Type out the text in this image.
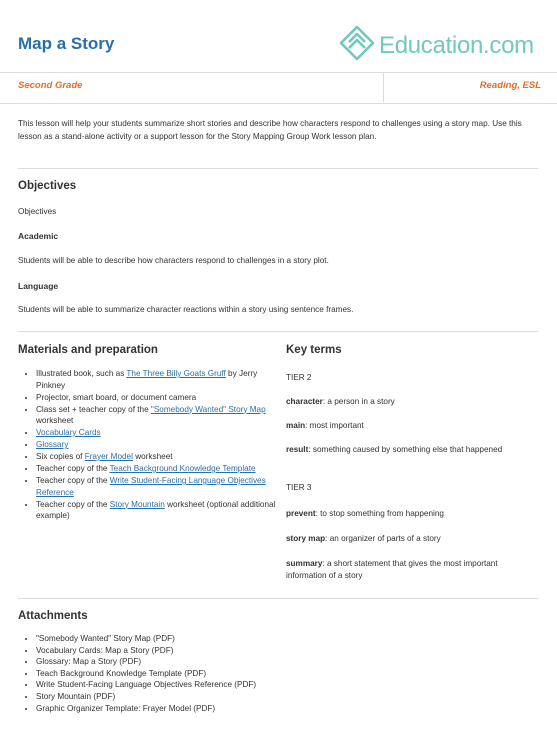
Map a Story	Education.com
Second Grade	Reading, ESL
This lesson will help your students summarize short stories and describe how characters respond to challenges using a story map. Use this lesson as a stand-alone activity or a support lesson for the Story Mapping Group Work lesson plan.
Objectives
Objectives
Academic
Students will be able to describe how characters respond to challenges in a story plot.
Language
Students will be able to summarize character reactions within a story using sentence frames.
Materials and preparation
• Illustrated book, such as The Three Billy Goats Gruff by Jerry Pinkney
• Projector, smart board, or document camera
• Class set + teacher copy of the "Somebody Wanted" Story Map worksheet
• Vocabulary Cards
• Glossary
• Six copies of Frayer Model worksheet
• Teacher copy of the Teach Background Knowledge Template
• Teacher copy of the Write Student-Facing Language Objectives Reference
• Teacher copy of the Story Mountain worksheet (optional additional example)
Key terms
TIER 2
character: a person in a story
main: most important
result: something caused by something else that happened
TIER 3
prevent: to stop something from happening
story map: an organizer of parts of a story
summary: a short statement that gives the most important information of a story
Attachments
• "Somebody Wanted" Story Map (PDF)
• Vocabulary Cards: Map a Story (PDF)
• Glossary: Map a Story (PDF)
• Teach Background Knowledge Template (PDF)
• Write Student-Facing Language Objectives Reference (PDF)
• Story Mountain (PDF)
• Graphic Organizer Template: Frayer Model (PDF)
